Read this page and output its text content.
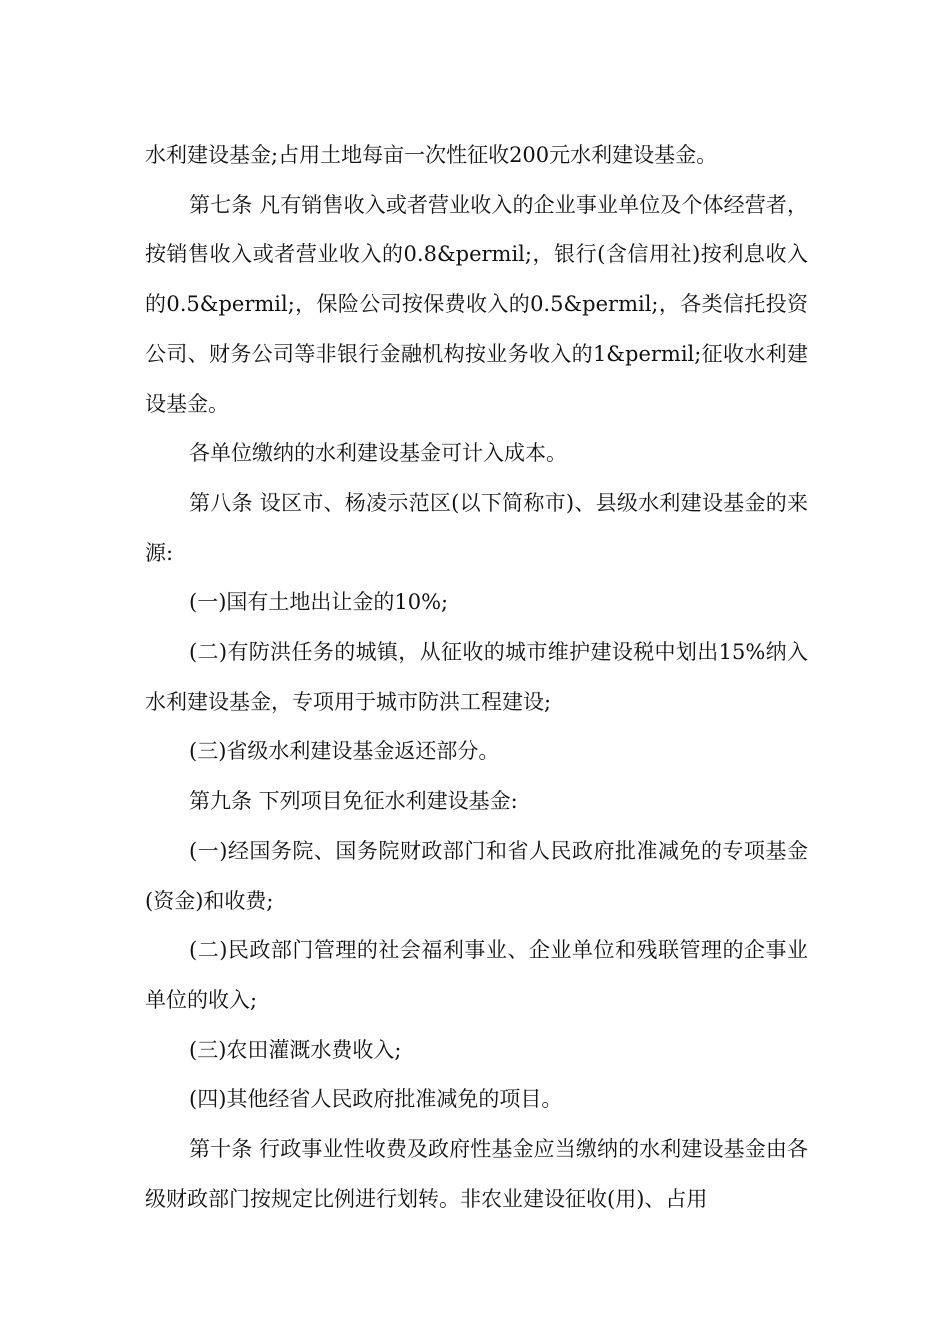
水利建设基金;占用土地每亩一次性征收200元水利建设基金。

第七条 凡有销售收入或者营业收入的企业事业单位及个体经营者，按销售收入或者营业收入的0.8&permil;，银行(含信用社)按利息收入的0.5&permil;，保险公司按保费收入的0.5&permil;，各类信托投资公司、财务公司等非银行金融机构按业务收入的1&permil;征收水利建设基金。

各单位缴纳的水利建设基金可计入成本。

第八条 设区市、杨凌示范区(以下简称市)、县级水利建设基金的来源:

(一)国有土地出让金的10%;

(二)有防洪任务的城镇，从征收的城市维护建设税中划出15%纳入水利建设基金，专项用于城市防洪工程建设;

(三)省级水利建设基金返还部分。

第九条 下列项目免征水利建设基金:

(一)经国务院、国务院财政部门和省人民政府批准减免的专项基金(资金)和收费;

(二)民政部门管理的社会福利事业、企业单位和残联管理的企事业单位的收入;

(三)农田灌溉水费收入;

(四)其他经省人民政府批准减免的项目。

第十条 行政事业性收费及政府性基金应当缴纳的水利建设基金由各级财政部门按规定比例进行划转。非农业建设征收(用)、占用
